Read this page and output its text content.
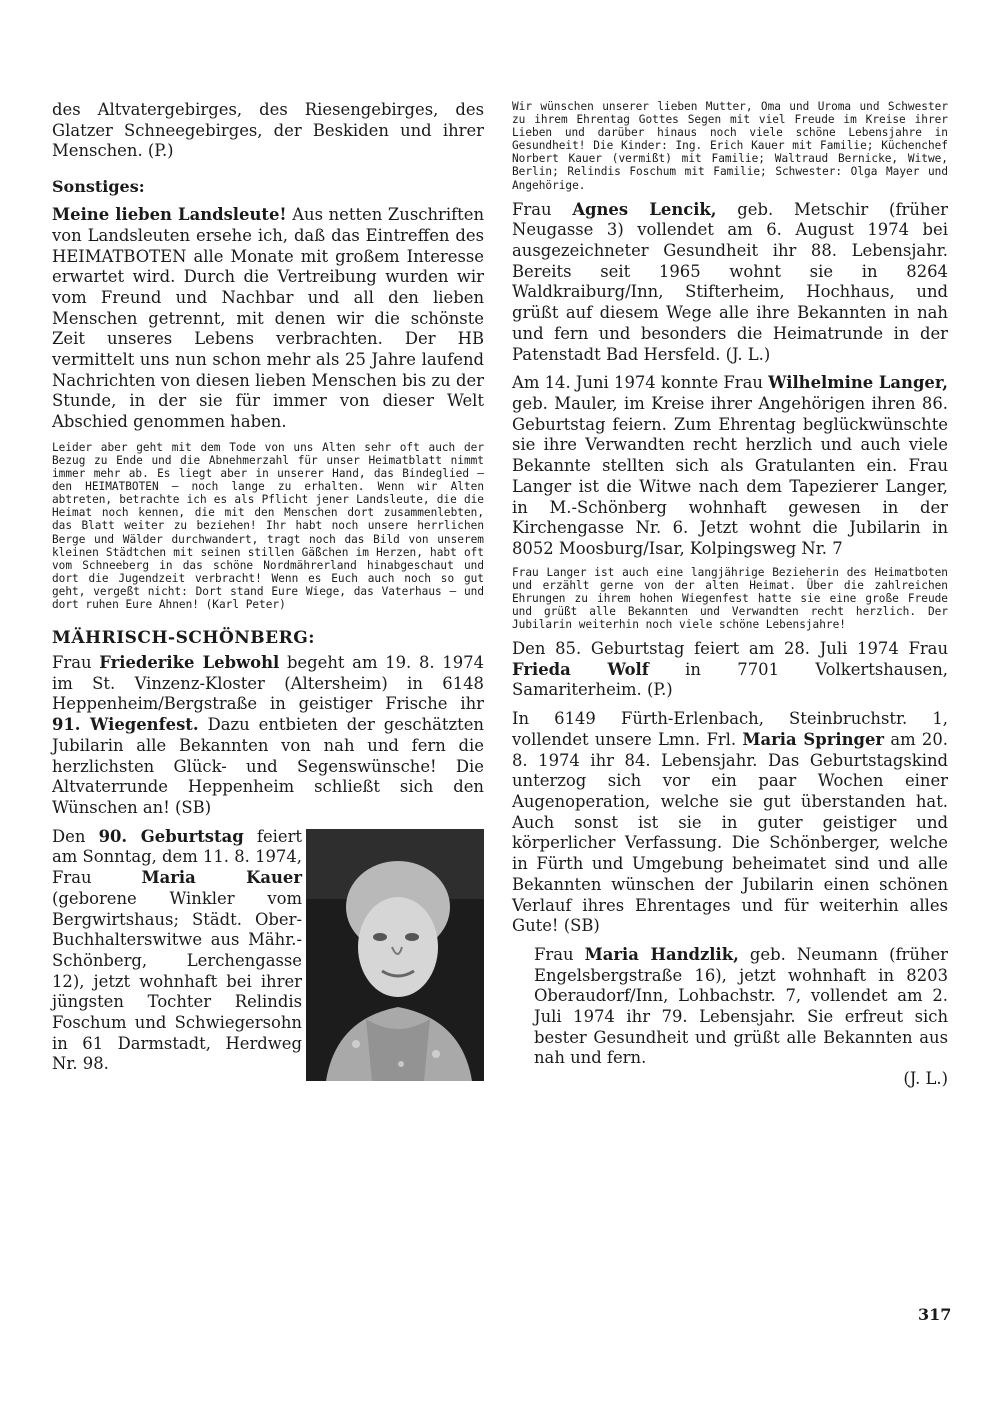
des Altvatergebirges, des Riesengebirges, des Glatzer Schneegebirges, der Beskiden und ihrer Menschen. (P.)

Sonstiges:

Meine lieben Landsleute! Aus netten Zuschriften von Landsleuten ersehe ich, daß das Eintreffen des HEIMATBOTEN alle Monate mit großem Interesse erwartet wird. Durch die Vertreibung wurden wir vom Freund und Nachbar und all den lieben Menschen getrennt, mit denen wir die schönste Zeit unseres Lebens verbrachten. Der HB vermittelt uns nun schon mehr als 25 Jahre laufend Nachrichten von diesen lieben Menschen bis zu der Stunde, in der sie für immer von dieser Welt Abschied genommen haben.

Leider aber geht mit dem Tode von uns Alten sehr oft auch der Bezug zu Ende und die Abnehmerzahl für unser Heimatblatt nimmt immer mehr ab. Es liegt aber in unserer Hand, das Bindeglied — den HEIMATBOTEN — noch lange zu erhalten. Wenn wir Alten abtreten, betrachte ich es als Pflicht jener Landsleute, die die Heimat noch kennen, die mit den Menschen dort zusammenlebten, das Blatt weiter zu beziehen! Ihr habt noch unsere herrlichen Berge und Wälder durchwandert, tragt noch das Bild von unserem kleinen Städtchen mit seinen stillen Gäßchen im Herzen, habt oft vom Schneeberg in das schöne Nordmährerland hinabgeschaut und dort die Jugendzeit verbracht! Wenn es Euch auch noch so gut geht, vergeßt nicht: Dort stand Eure Wiege, das Vaterhaus — und dort ruhen Eure Ahnen! (Karl Peter)

MÄHRISCH-SCHÖNBERG:

Frau Friederike Lebwohl begeht am 19. 8. 1974 im St. Vinzenz-Kloster (Altersheim) in 6148 Heppenheim/Bergstraße in geistiger Frische ihr 91. Wiegenfest. Dazu entbieten der geschätzten Jubilarin alle Bekannten von nah und fern die herzlichsten Glück- und Segenswünsche! Die Altvaterrunde Heppenheim schließt sich den Wünschen an! (SB)

Den 90. Geburtstag feiert am Sonntag, dem 11. 8. 1974, Frau Maria Kauer (geborene Winkler vom Bergwirtshaus; Städt. Ober-Buchhalterswitwe aus Mähr.-Schönberg, Lerchengasse 12), jetzt wohnhaft bei ihrer jüngsten Tochter Relindis Foschum und Schwiegersohn in 61 Darmstadt, Herdweg Nr. 98.

Wir wünschen unserer lieben Mutter, Oma und Uroma und Schwester zu ihrem Ehrentag Gottes Segen mit viel Freude im Kreise ihrer Lieben und darüber hinaus noch viele schöne Lebensjahre in Gesundheit! Die Kinder: Ing. Erich Kauer mit Familie; Küchenchef Norbert Kauer (vermißt) mit Familie; Waltraud Bernicke, Witwe, Berlin; Relindis Foschum mit Familie; Schwester: Olga Mayer und Angehörige.

Frau Agnes Lencik, geb. Metschir (früher Neugasse 3) vollendet am 6. August 1974 bei ausgezeichneter Gesundheit ihr 88. Lebensjahr. Bereits seit 1965 wohnt sie in 8264 Waldkraiburg/Inn, Stifterheim, Hochhaus, und grüßt auf diesem Wege alle ihre Bekannten in nah und fern und besonders die Heimatrunde in der Patenstadt Bad Hersfeld. (J. L.)

Am 14. Juni 1974 konnte Frau Wilhelmine Langer, geb. Mauler, im Kreise ihrer Angehörigen ihren 86. Geburtstag feiern. Zum Ehrentag beglückwünschte sie ihre Verwandten recht herzlich und auch viele Bekannte stellten sich als Gratulanten ein. Frau Langer ist die Witwe nach dem Tapezierer Langer, in M.-Schönberg wohnhaft gewesen in der Kirchengasse Nr. 6. Jetzt wohnt die Jubilarin in 8052 Moosburg/Isar, Kolpingsweg Nr. 7

Frau Langer ist auch eine langjährige Bezieherin des Heimatboten und erzählt gerne von der alten Heimat. Über die zahlreichen Ehrungen zu ihrem hohen Wiegenfest hatte sie eine große Freude und grüßt alle Bekannten und Verwandten recht herzlich. Der Jubilarin weiterhin noch viele schöne Lebensjahre!

Den 85. Geburtstag feiert am 28. Juli 1974 Frau Frieda Wolf in 7701 Volkertshausen, Samariterheim. (P.)

In 6149 Fürth-Erlenbach, Steinbruchstr. 1, vollendet unsere Lmn. Frl. Maria Springer am 20. 8. 1974 ihr 84. Lebensjahr. Das Geburtstagskind unterzog sich vor ein paar Wochen einer Augenoperation, welche sie gut überstanden hat. Auch sonst ist sie in guter geistiger und körperlicher Verfassung. Die Schönberger, welche in Fürth und Umgebung beheimatet sind und alle Bekannten wünschen der Jubilarin einen schönen Verlauf ihres Ehrentages und für weiterhin alles Gute! (SB)

Frau Maria Handzlik, geb. Neumann (früher Engelsbergstraße 16), jetzt wohnhaft in 8203 Oberaudorf/Inn, Lohbachstr. 7, vollendet am 2. Juli 1974 ihr 79. Lebensjahr. Sie erfreut sich bester Gesundheit und grüßt alle Bekannten aus nah und fern.

(J. L.)

317
